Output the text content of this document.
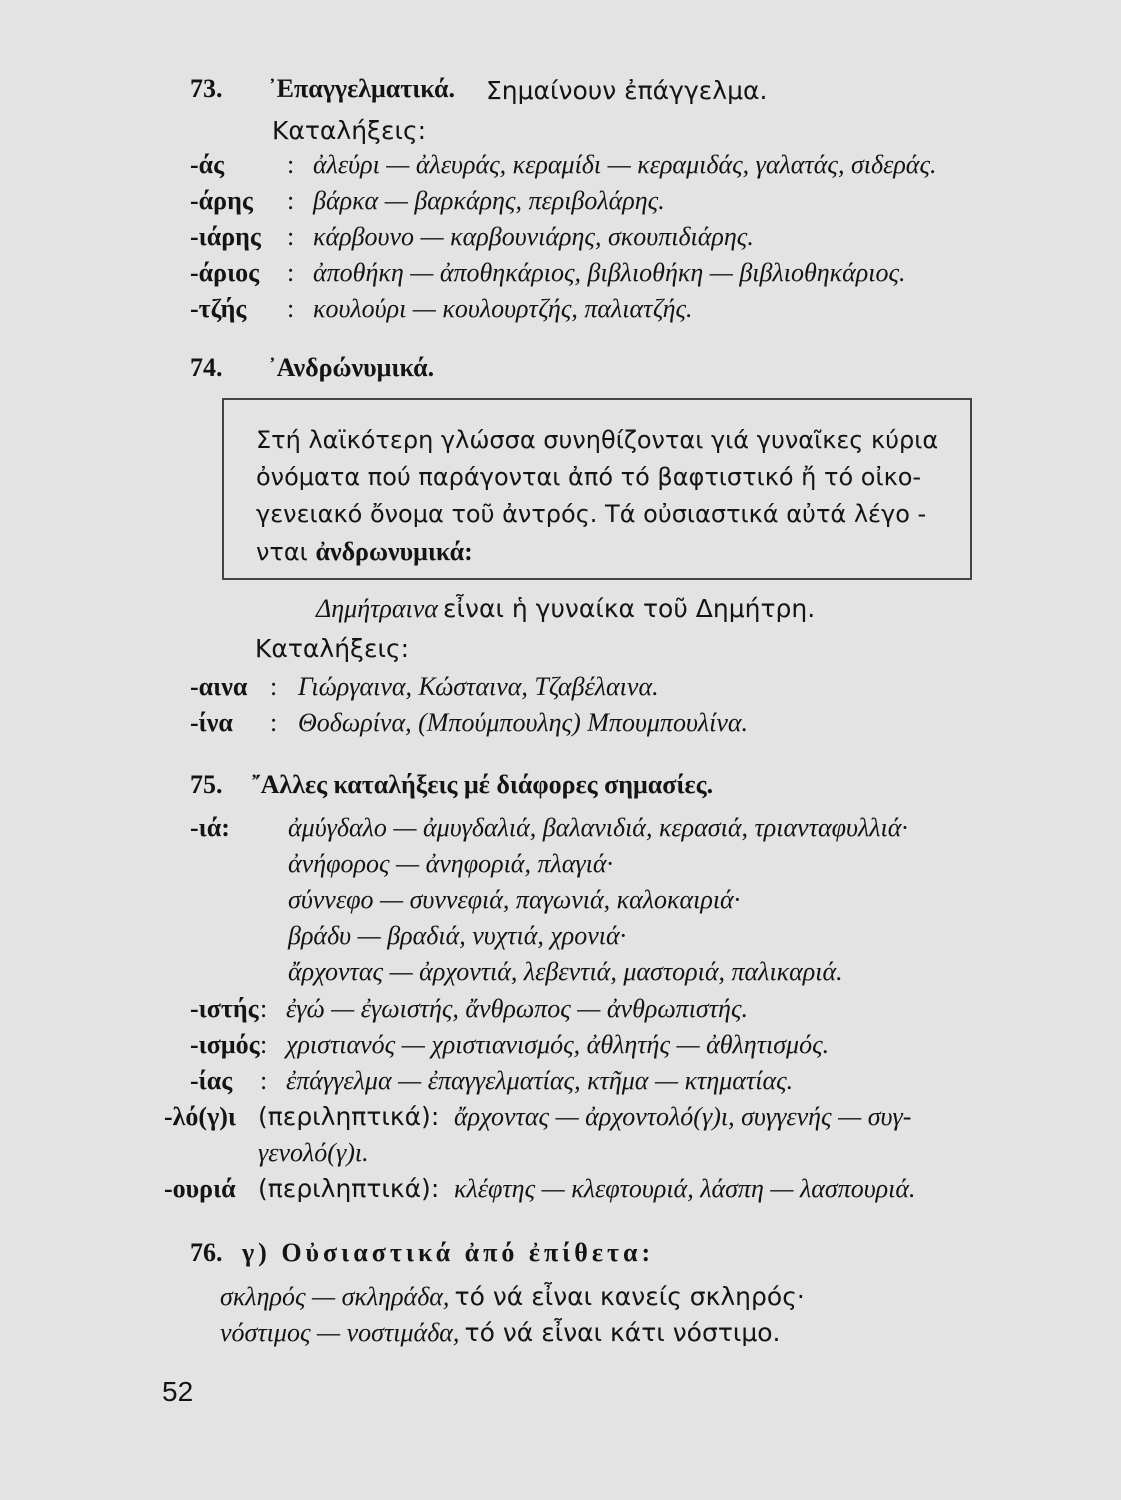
73. ᾿Επαγγελματικά. Σημαίνουν ἐπάγγελμα.
Καταλήξεις:
-άς : ἀλεύρι — ἀλευράς, κεραμίδι — κεραμιδάς, γαλατάς, σιδεράς.
-άρης : βάρκα — βαρκάρης, περιβολάρης.
-ιάρης : κάρβουνο — καρβουνιάρης, σκουπιδιάρης.
-άριος : ἀποθήκη — ἀποθηκάριος, βιβλιοθήκη — βιβλιοθηκάριος.
-τζής : κουλούρι — κουλουρτζής, παλιατζής.
74. ᾿Ανδρώνυμικά.
Στή λαϊκότερη γλώσσα συνηθίζονται γιά γυναῖκες κύρια
ὀνόματα πού παράγονται ἀπό τό βαφτιστικό ἤ τό οἰκο-
γενειακό ὄνομα τοῦ ἀντρός. Τά οὐσιαστικά αὐτά λέγο -
νται ἀνδρωνυμικά:
Δημήτραινα εἶναι ἡ γυναίκα τοῦ Δημήτρη.
Καταλήξεις:
-αινα : Γιώργαινα, Κώσταινα, Τζαβέλαινα.
-ίνα : Θοδωρίνα, (Μπούμπουλης) Μπουμπουλίνα.
75. ῎Αλλες καταλήξεις μέ διάφορες σημασίες.
-ιά: ἀμύγδαλο — ἀμυγδαλιά, βαλανιδιά, κερασιά, τριανταφυλλιά·
ἀνήφορος — ἀνηφοριά, πλαγιά·
σύννεφο — συννεφιά, παγωνιά, καλοκαιριά·
βράδυ — βραδιά, νυχτιά, χρονιά·
ἄρχοντας — ἀρχοντιά, λεβεντιά, μαστοριά, παλικαριά.
-ιστής : ἐγώ — ἐγωιστής, ἄνθρωπος — ἀνθρωπιστής.
-ισμός : χριστιανός — χριστιανισμός, ἀθλητής — ἀθλητισμός.
-ίας : ἐπάγγελμα — ἐπαγγελματίας, κτῆμα — κτηματίας.
-λό(γ)ι (περιληπτικά): ἄρχοντας — ἀρχοντολό(γ)ι, συγγενής — συγ-
γενολό(γ)ι.
-ουριά (περιληπτικά): κλέφτης — κλεφτουριά, λάσπη — λασπουριά.
76. γ) Οὐσιαστικά ἀπό ἐπίθετα:
σκληρός — σκληράδα, τό νά εἶναι κανείς σκληρός·
νόστιμος — νοστιμάδα, τό νά εἶναι κάτι νόστιμο.
52
